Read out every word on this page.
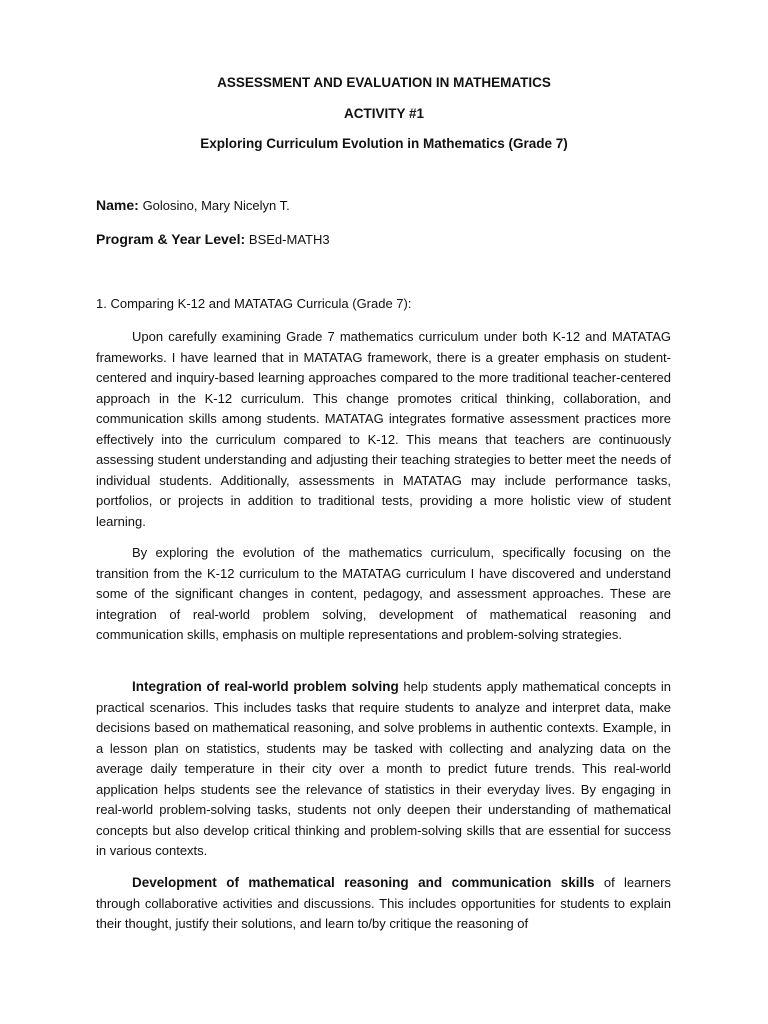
ASSESSMENT AND EVALUATION IN MATHEMATICS
ACTIVITY #1
Exploring Curriculum Evolution in Mathematics (Grade 7)
Name: Golosino, Mary Nicelyn T.
Program & Year Level: BSEd-MATH3
1. Comparing K-12 and MATATAG Curricula (Grade 7):

Upon carefully examining Grade 7 mathematics curriculum under both K-12 and MATATAG frameworks. I have learned that in MATATAG framework, there is a greater emphasis on student-centered and inquiry-based learning approaches compared to the more traditional teacher-centered approach in the K-12 curriculum. This change promotes critical thinking, collaboration, and communication skills among students. MATATAG integrates formative assessment practices more effectively into the curriculum compared to K-12. This means that teachers are continuously assessing student understanding and adjusting their teaching strategies to better meet the needs of individual students. Additionally, assessments in MATATAG may include performance tasks, portfolios, or projects in addition to traditional tests, providing a more holistic view of student learning.

By exploring the evolution of the mathematics curriculum, specifically focusing on the transition from the K-12 curriculum to the MATATAG curriculum I have discovered and understand some of the significant changes in content, pedagogy, and assessment approaches. These are integration of real-world problem solving, development of mathematical reasoning and communication skills, emphasis on multiple representations and problem-solving strategies.

Integration of real-world problem solving help students apply mathematical concepts in practical scenarios. This includes tasks that require students to analyze and interpret data, make decisions based on mathematical reasoning, and solve problems in authentic contexts. Example, in a lesson plan on statistics, students may be tasked with collecting and analyzing data on the average daily temperature in their city over a month to predict future trends. This real-world application helps students see the relevance of statistics in their everyday lives. By engaging in real-world problem-solving tasks, students not only deepen their understanding of mathematical concepts but also develop critical thinking and problem-solving skills that are essential for success in various contexts.

Development of mathematical reasoning and communication skills of learners through collaborative activities and discussions. This includes opportunities for students to explain their thought, justify their solutions, and learn to/by critique the reasoning of
